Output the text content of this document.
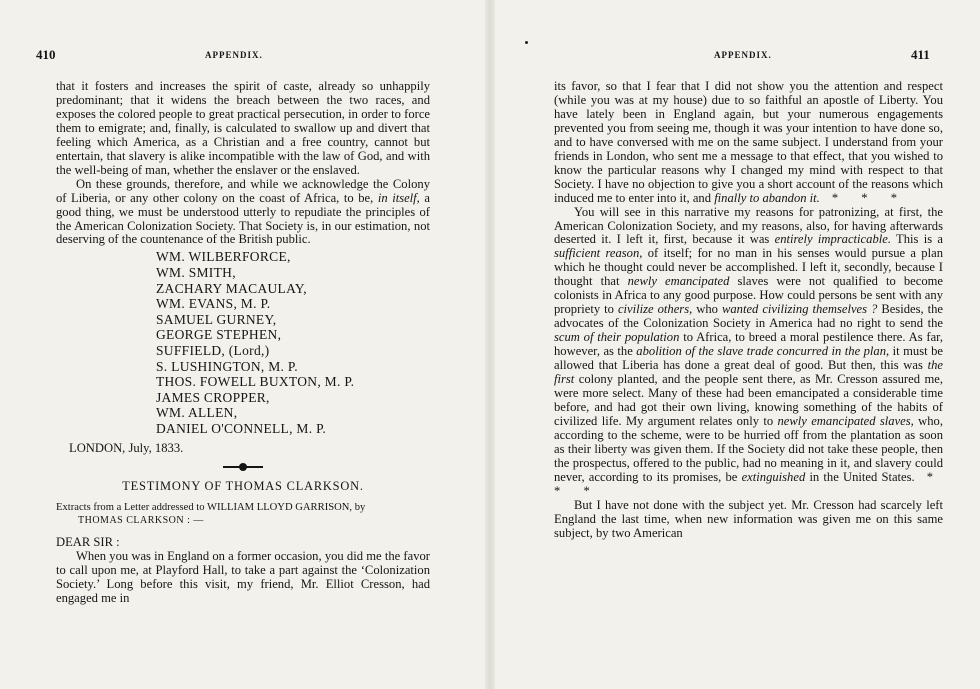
410	APPENDIX.

that it fosters and increases the spirit of caste, already so unhappily predominant; that it widens the breach between the two races, and exposes the colored people to great practical persecution, in order to force them to emigrate; and, finally, is calculated to swallow up and divert that feeling which America, as a Christian and a free country, cannot but entertain, that slavery is alike incompatible with the law of God, and with the well-being of man, whether the enslaver or the enslaved.

On these grounds, therefore, and while we acknowledge the Colony of Liberia, or any other colony on the coast of Africa, to be, in itself, a good thing, we must be understood utterly to repudiate the principles of the American Colonization Society. That Society is, in our estimation, not deserving of the countenance of the British public.

WM. WILBERFORCE,
WM. SMITH,
ZACHARY MACAULAY,
WM. EVANS, M. P.
SAMUEL GURNEY,
GEORGE STEPHEN,
SUFFIELD, (Lord,)
S. LUSHINGTON, M. P.
THOS. FOWELL BUXTON, M. P.
JAMES CROPPER,
WM. ALLEN,
DANIEL O'CONNELL, M. P.
LONDON, July, 1833.
TESTIMONY OF THOMAS CLARKSON.
Extracts from a Letter addressed to WILLIAM LLOYD GARRISON, by
THOMAS CLARKSON : —
DEAR SIR :

When you was in England on a former occasion, you did me the favor to call upon me, at Playford Hall, to take a part against the ‘Colonization Society.’ Long before this visit, my friend, Mr. Elliot Cresson, had engaged me in

APPENDIX.	411

its favor, so that I fear that I did not show you the attention and respect (while you was at my house) due to so faithful an apostle of Liberty. You have lately been in England again, but your numerous engagements prevented you from seeing me, though it was your intention to have done so, and to have conversed with me on the same subject. I understand from your friends in London, who sent me a message to that effect, that you wished to know the particular reasons why I changed my mind with respect to that Society. I have no objection to give you a short account of the reasons which induced me to enter into it, and finally to abandon it. * * *

You will see in this narrative my reasons for patronizing, at first, the American Colonization Society, and my reasons, also, for having afterwards deserted it. I left it, first, because it was entirely impracticable. This is a sufficient reason, of itself; for no man in his senses would pursue a plan which he thought could never be accomplished. I left it, secondly, because I thought that newly emancipated slaves were not qualified to become colonists in Africa to any good purpose. How could persons be sent with any propriety to civilize others, who wanted civilizing themselves ? Besides, the advocates of the Colonization Society in America had no right to send the scum of their population to Africa, to breed a moral pestilence there. As far, however, as the abolition of the slave trade concurred in the plan, it must be allowed that Liberia has done a great deal of good. But then, this was the first colony planted, and the people sent there, as Mr. Cresson assured me, were more select. Many of these had been emancipated a considerable time before, and had got their own living, knowing something of the habits of civilized life. My argument relates only to newly emancipated slaves, who, according to the scheme, were to be hurried off from the plantation as soon as their liberty was given them. If the Society did not take these people, then the prospectus, offered to the public, had no meaning in it, and slavery could never, according to its promises, be extinguished in the United States. * * *

But I have not done with the subject yet. Mr. Cresson had scarcely left England the last time, when new information was given me on this same subject, by two American
